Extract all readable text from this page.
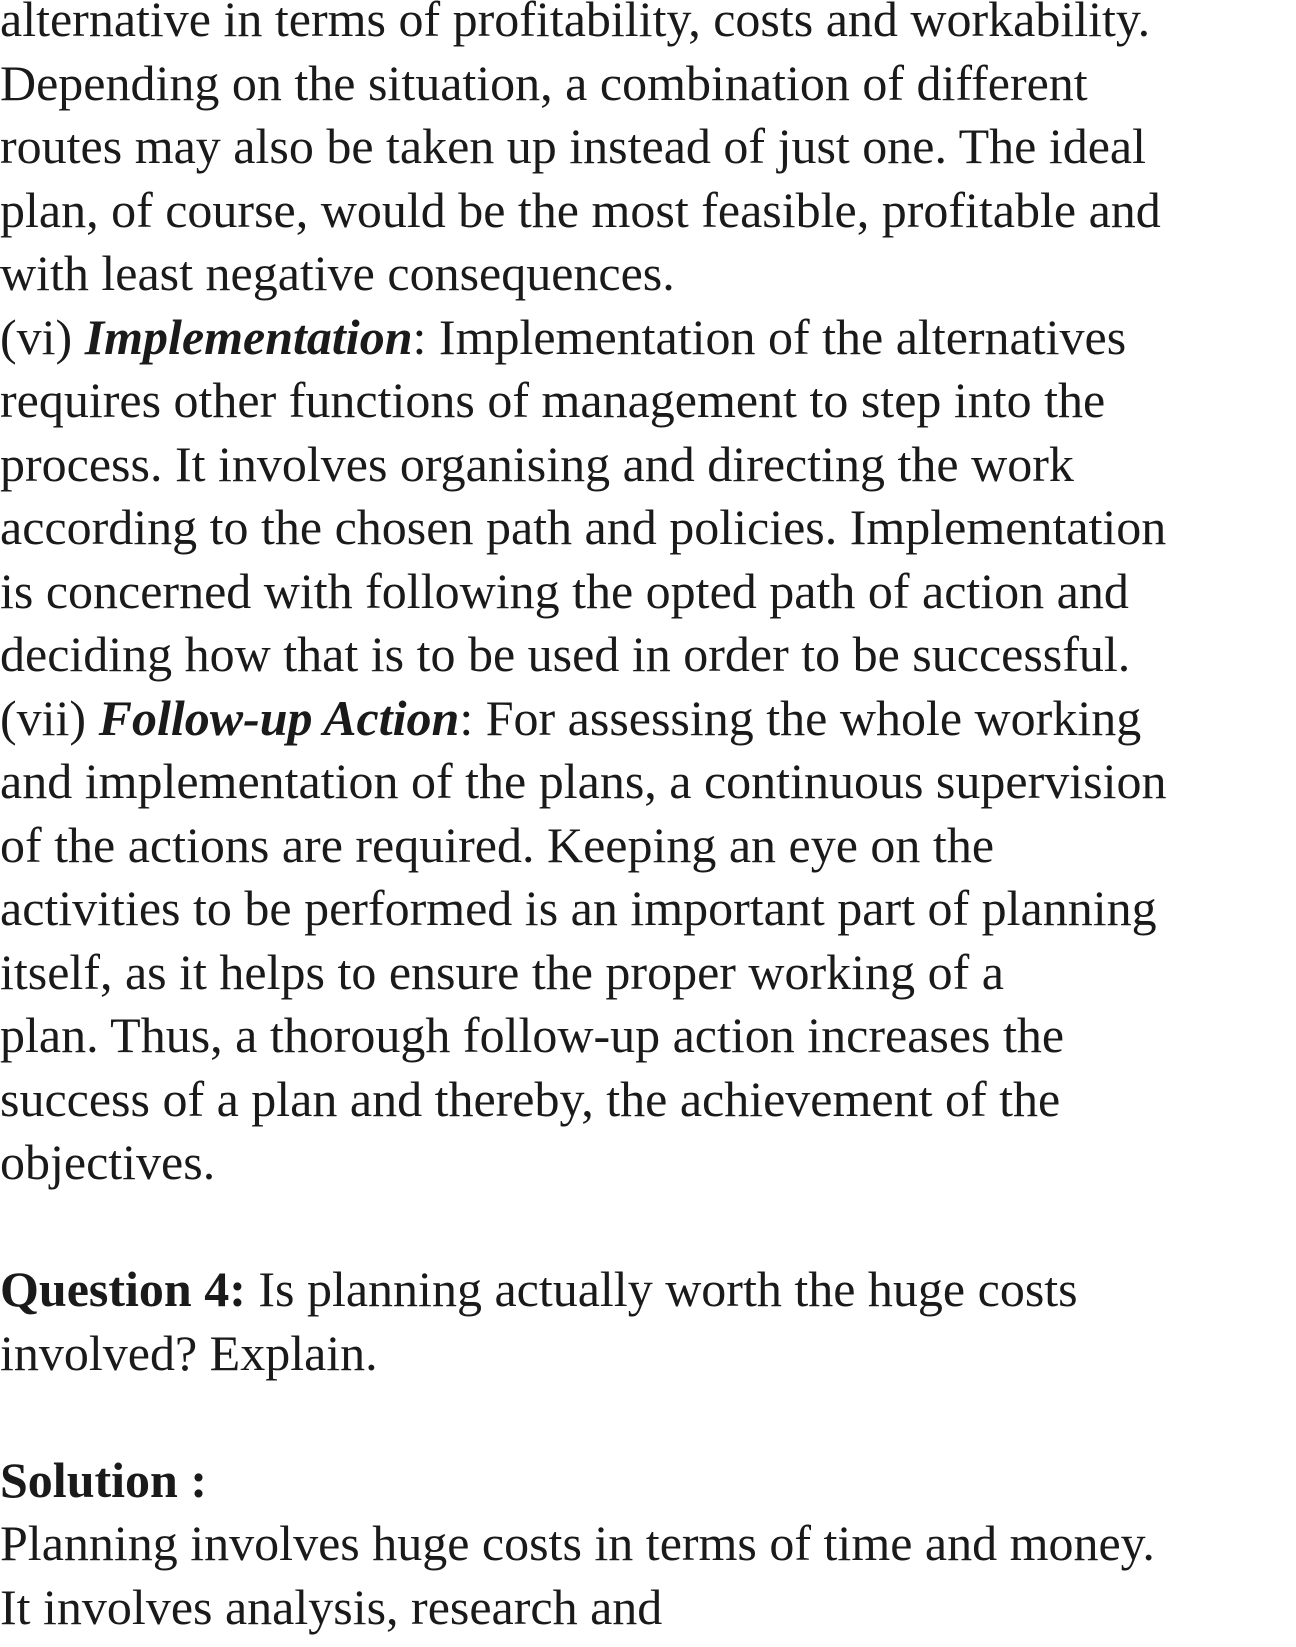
alternative in terms of profitability, costs and workability.
Depending on the situation, a combination of different
routes may also be taken up instead of just one. The ideal
plan, of course, would be the most feasible, profitable and
with least negative consequences.
(vi) Implementation: Implementation of the alternatives
requires other functions of management to step into the
process. It involves organising and directing the work
according to the chosen path and policies. Implementation
is concerned with following the opted path of action and
deciding how that is to be used in order to be successful.
(vii) Follow-up Action: For assessing the whole working
and implementation of the plans, a continuous supervision
of the actions are required. Keeping an eye on the
activities to be performed is an important part of planning
itself, as it helps to ensure the proper working of a
plan. Thus, a thorough follow-up action increases the
success of a plan and thereby, the achievement of the
objectives.
Question 4: Is planning actually worth the huge costs
involved? Explain.
Solution :
Planning involves huge costs in terms of time and money.
It involves analysis, research and
